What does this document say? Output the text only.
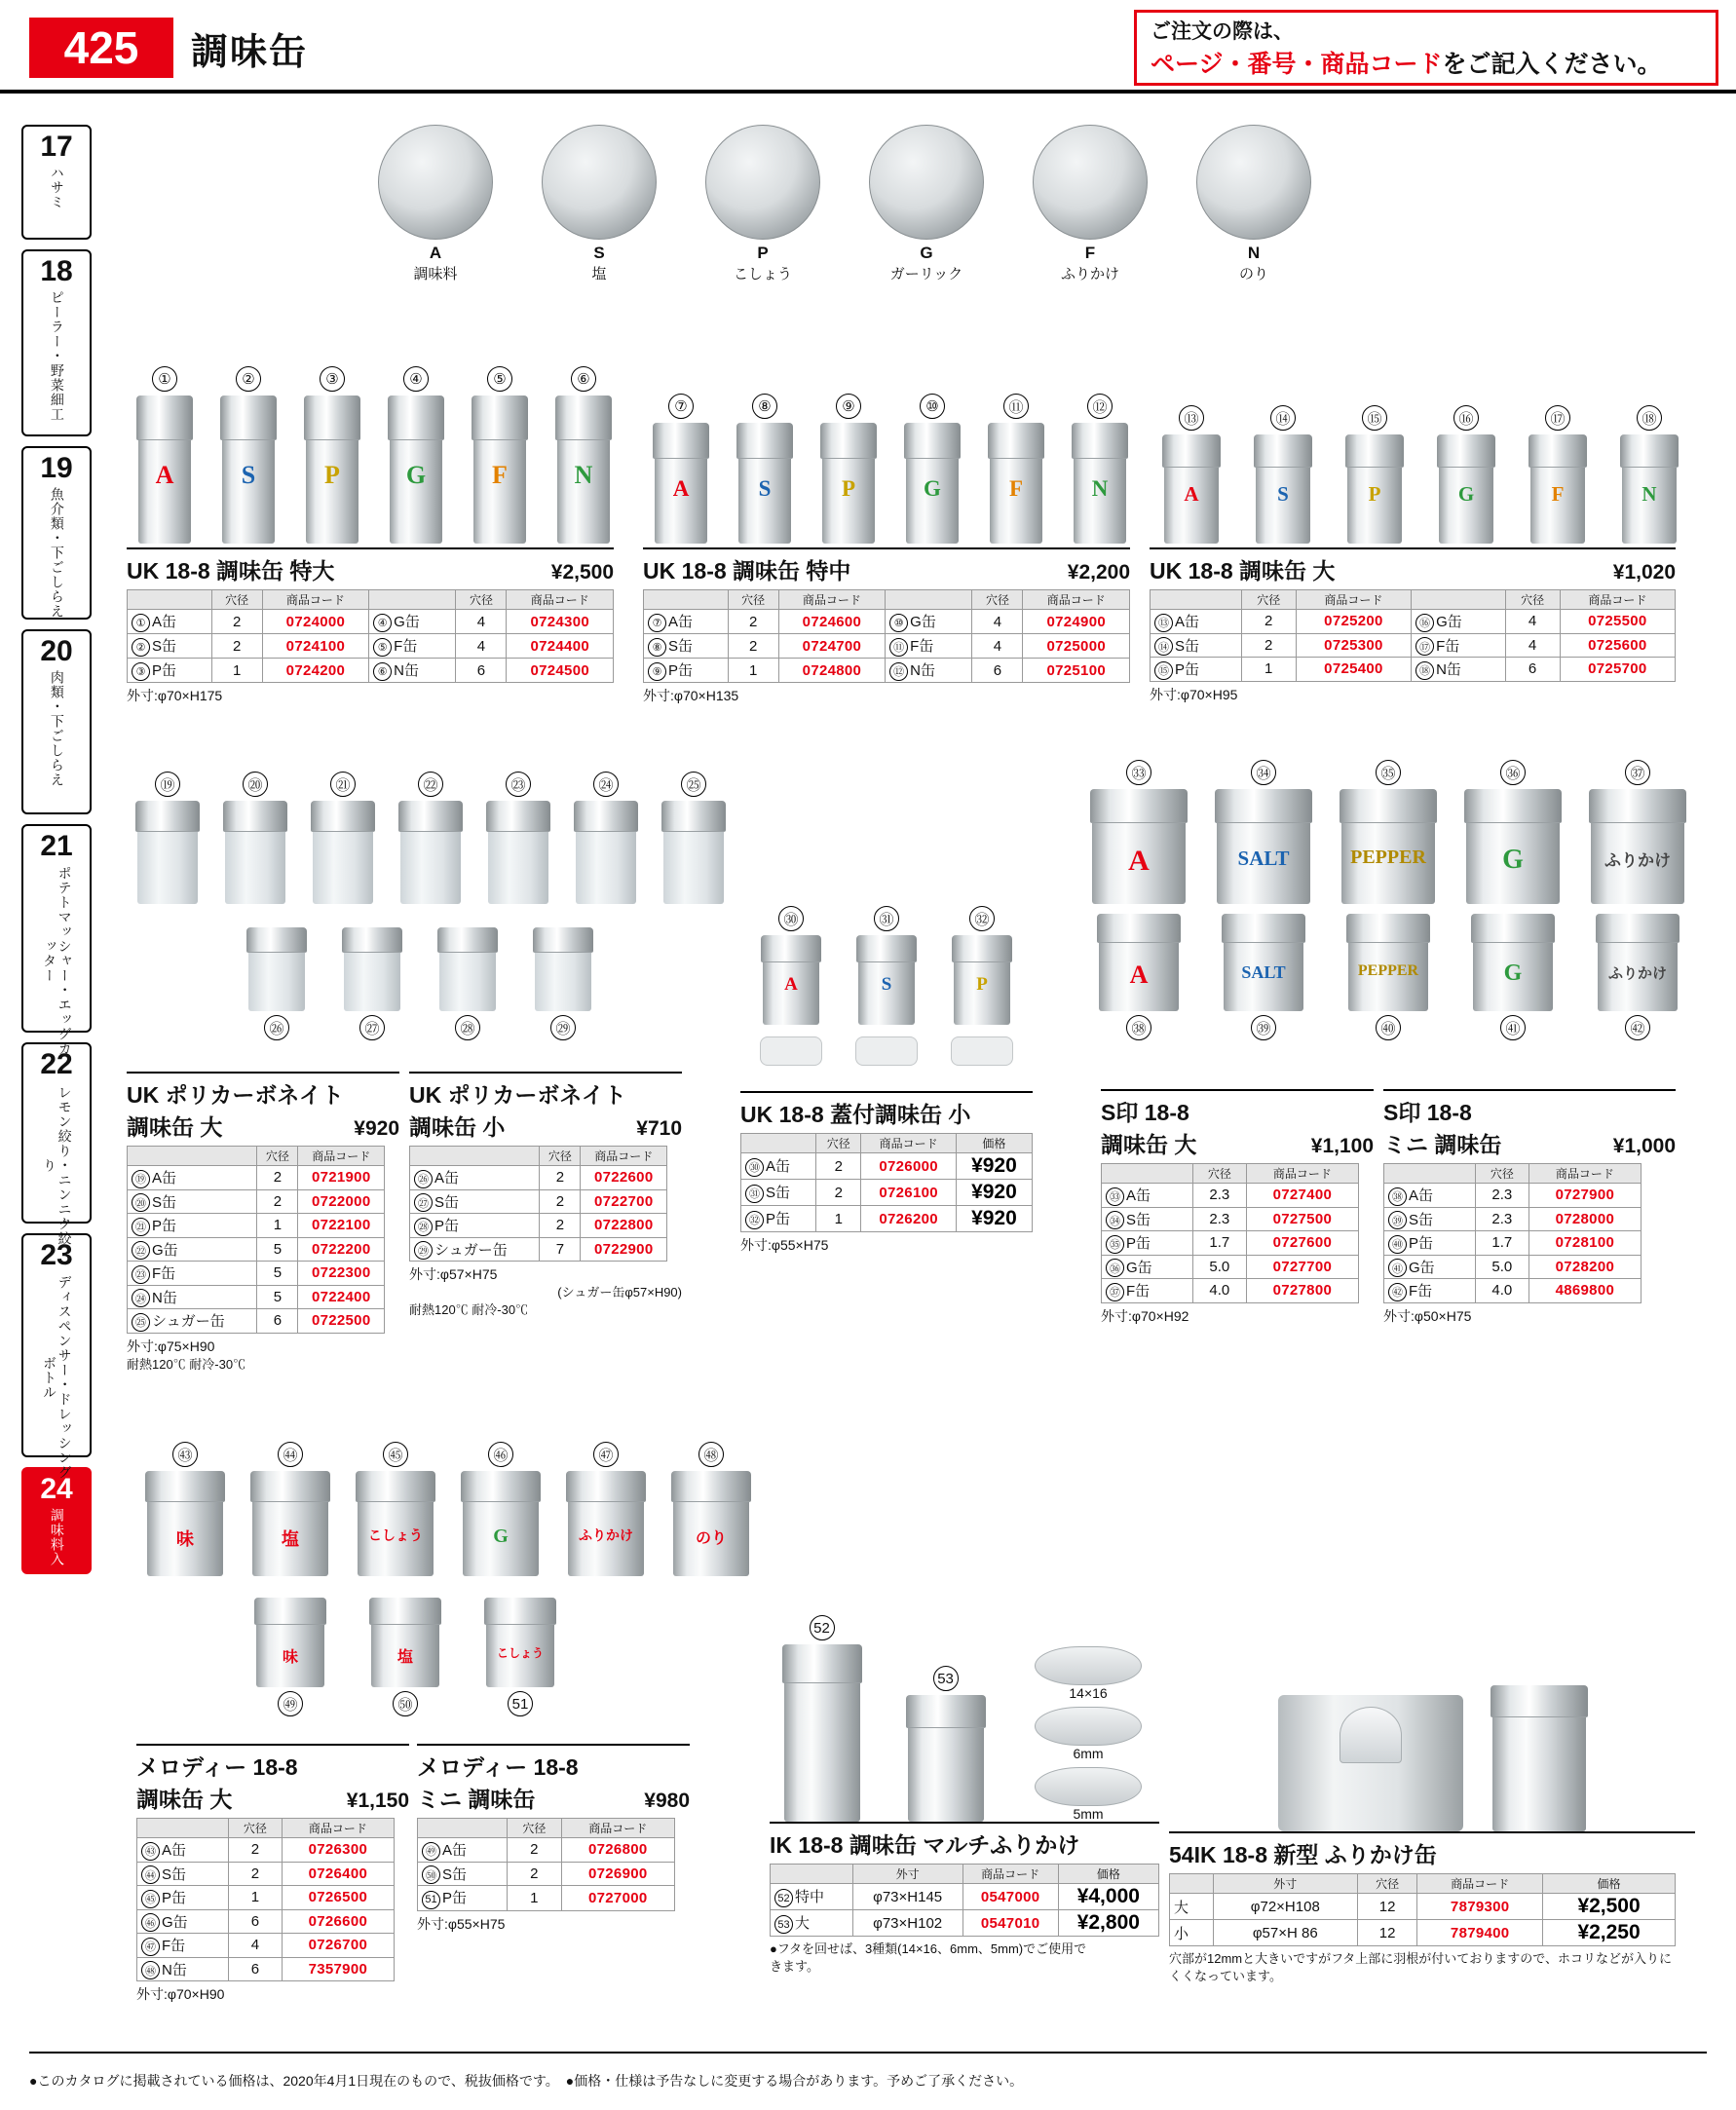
425	調味缶
ご注文の際は、
ページ・番号・商品コードをご記入ください。
17
ハサミ
18
ピーラー・野菜細工
19
魚介類・下ごしらえ
20
肉類・下ごしらえ
21
ポテトマッシャー・エッグカッター
22
レモン絞り・ニンニク絞り
23
ディスペンサー・ドレッシングボトル
24
調味料入
A
調味料
S
塩
P
こしょう
G
ガーリック
F
ふりかけ
N
のり
①
A
②
S
③
P
④
G
⑤
F
⑥
N
UK 18-8 調味缶 特大	¥2,500
	穴径	商品コード		穴径	商品コード
① A缶	2	0724000	④ G缶	4	0724300
② S缶	2	0724100	⑤ F缶	4	0724400
③ P缶	1	0724200	⑥ N缶	6	0724500
外寸:φ70×H175
⑦
A
⑧
S
⑨
P
⑩
G
⑪
F
⑫
N
UK 18-8 調味缶 特中	¥2,200
	穴径	商品コード		穴径	商品コード
⑦ A缶	2	0724600	⑩ G缶	4	0724900
⑧ S缶	2	0724700	⑪ F缶	4	0725000
⑨ P缶	1	0724800	⑫ N缶	6	0725100
外寸:φ70×H135
⑬
A
⑭
S
⑮
P
⑯
G
⑰
F
⑱
N
UK 18-8 調味缶 大	¥1,020
	穴径	商品コード		穴径	商品コード
⑬ A缶	2	0725200	⑯ G缶	4	0725500
⑭ S缶	2	0725300	⑰ F缶	4	0725600
⑮ P缶	1	0725400	⑱ N缶	6	0725700
外寸:φ70×H95
⑲	⑳	㉑	㉒	㉓	㉔	㉕
㉖	㉗	㉘	㉙
UK ポリカーボネイト
調味缶 大	¥920
	穴径	商品コード
⑲ A缶	2	0721900
⑳ S缶	2	0722000
㉑ P缶	1	0722100
㉒ G缶	5	0722200
㉓ F缶	5	0722300
㉔ N缶	5	0722400
㉕ シュガー缶	6	0722500
外寸:φ75×H90
耐熱120℃ 耐冷-30℃
UK ポリカーボネイト
調味缶 小	¥710
	穴径	商品コード
㉖ A缶	2	0722600
㉗ S缶	2	0722700
㉘ P缶	2	0722800
㉙ シュガー缶	7	0722900
外寸:φ57×H75
(シュガー缶φ57×H90)
耐熱120℃ 耐冷-30℃
㉚
A
㉛
S
㉜
P
UK 18-8 蓋付調味缶 小
	穴径	商品コード	価格
㉚ A缶	2	0726000	¥920
㉛ S缶	2	0726100	¥920
㉜ P缶	1	0726200	¥920
外寸:φ55×H75
㉝
A
㉞
SALT
㉟
PEPPER
㊱
G
㊲
ふりかけ
A
㊳
SALT
㊴
PEPPER
㊵
G
㊶
ふりかけ
㊷
S印 18-8
調味缶 大	¥1,100
	穴径	商品コード
㉝ A缶	2.3	0727400
㉞ S缶	2.3	0727500
㉟ P缶	1.7	0727600
㊱ G缶	5.0	0727700
㊲ F缶	4.0	0727800
外寸:φ70×H92
S印 18-8
ミニ 調味缶	¥1,000
	穴径	商品コード
㊳ A缶	2.3	0727900
㊴ S缶	2.3	0728000
㊵ P缶	1.7	0728100
㊶ G缶	5.0	0728200
㊷ F缶	4.0	4869800
外寸:φ50×H75
㊸
味
㊹
塩
㊺
こしょう
㊻
G
㊼
ふりかけ
㊽
のり
味
㊾
塩
㊿
こしょう
51
メロディー 18-8
調味缶 大	¥1,150
	穴径	商品コード
㊸ A缶	2	0726300
㊹ S缶	2	0726400
㊺ P缶	1	0726500
㊻ G缶	6	0726600
㊼ F缶	4	0726700
㊽ N缶	6	7357900
外寸:φ70×H90
メロディー 18-8
ミニ 調味缶	¥980
	穴径	商品コード
㊾ A缶	2	0726800
㊿ S缶	2	0726900
51 P缶	1	0727000
外寸:φ55×H75
52
53
14×16
6mm
5mm
IK 18-8 調味缶 マルチふりかけ
	外寸	商品コード	価格
52 特中	φ73×H145	0547000	¥4,000
53 大	φ73×H102	0547010	¥2,800
●フタを回せば、3種類(14×16、6mm、5mm)でご使用できます。
54IK 18-8 新型 ふりかけ缶
	外寸	穴径	商品コード	価格
大	φ72×H108	12	7879300	¥2,500
小	φ57×H 86	12	7879400	¥2,250
穴部が12mmと大きいですがフタ上部に羽根が付いておりますので、ホコリなどが入りにくくなっています。
●このカタログに掲載されている価格は、2020年4月1日現在のもので、税抜価格です。　●価格・仕様は予告なしに変更する場合があります。予めご了承ください。
